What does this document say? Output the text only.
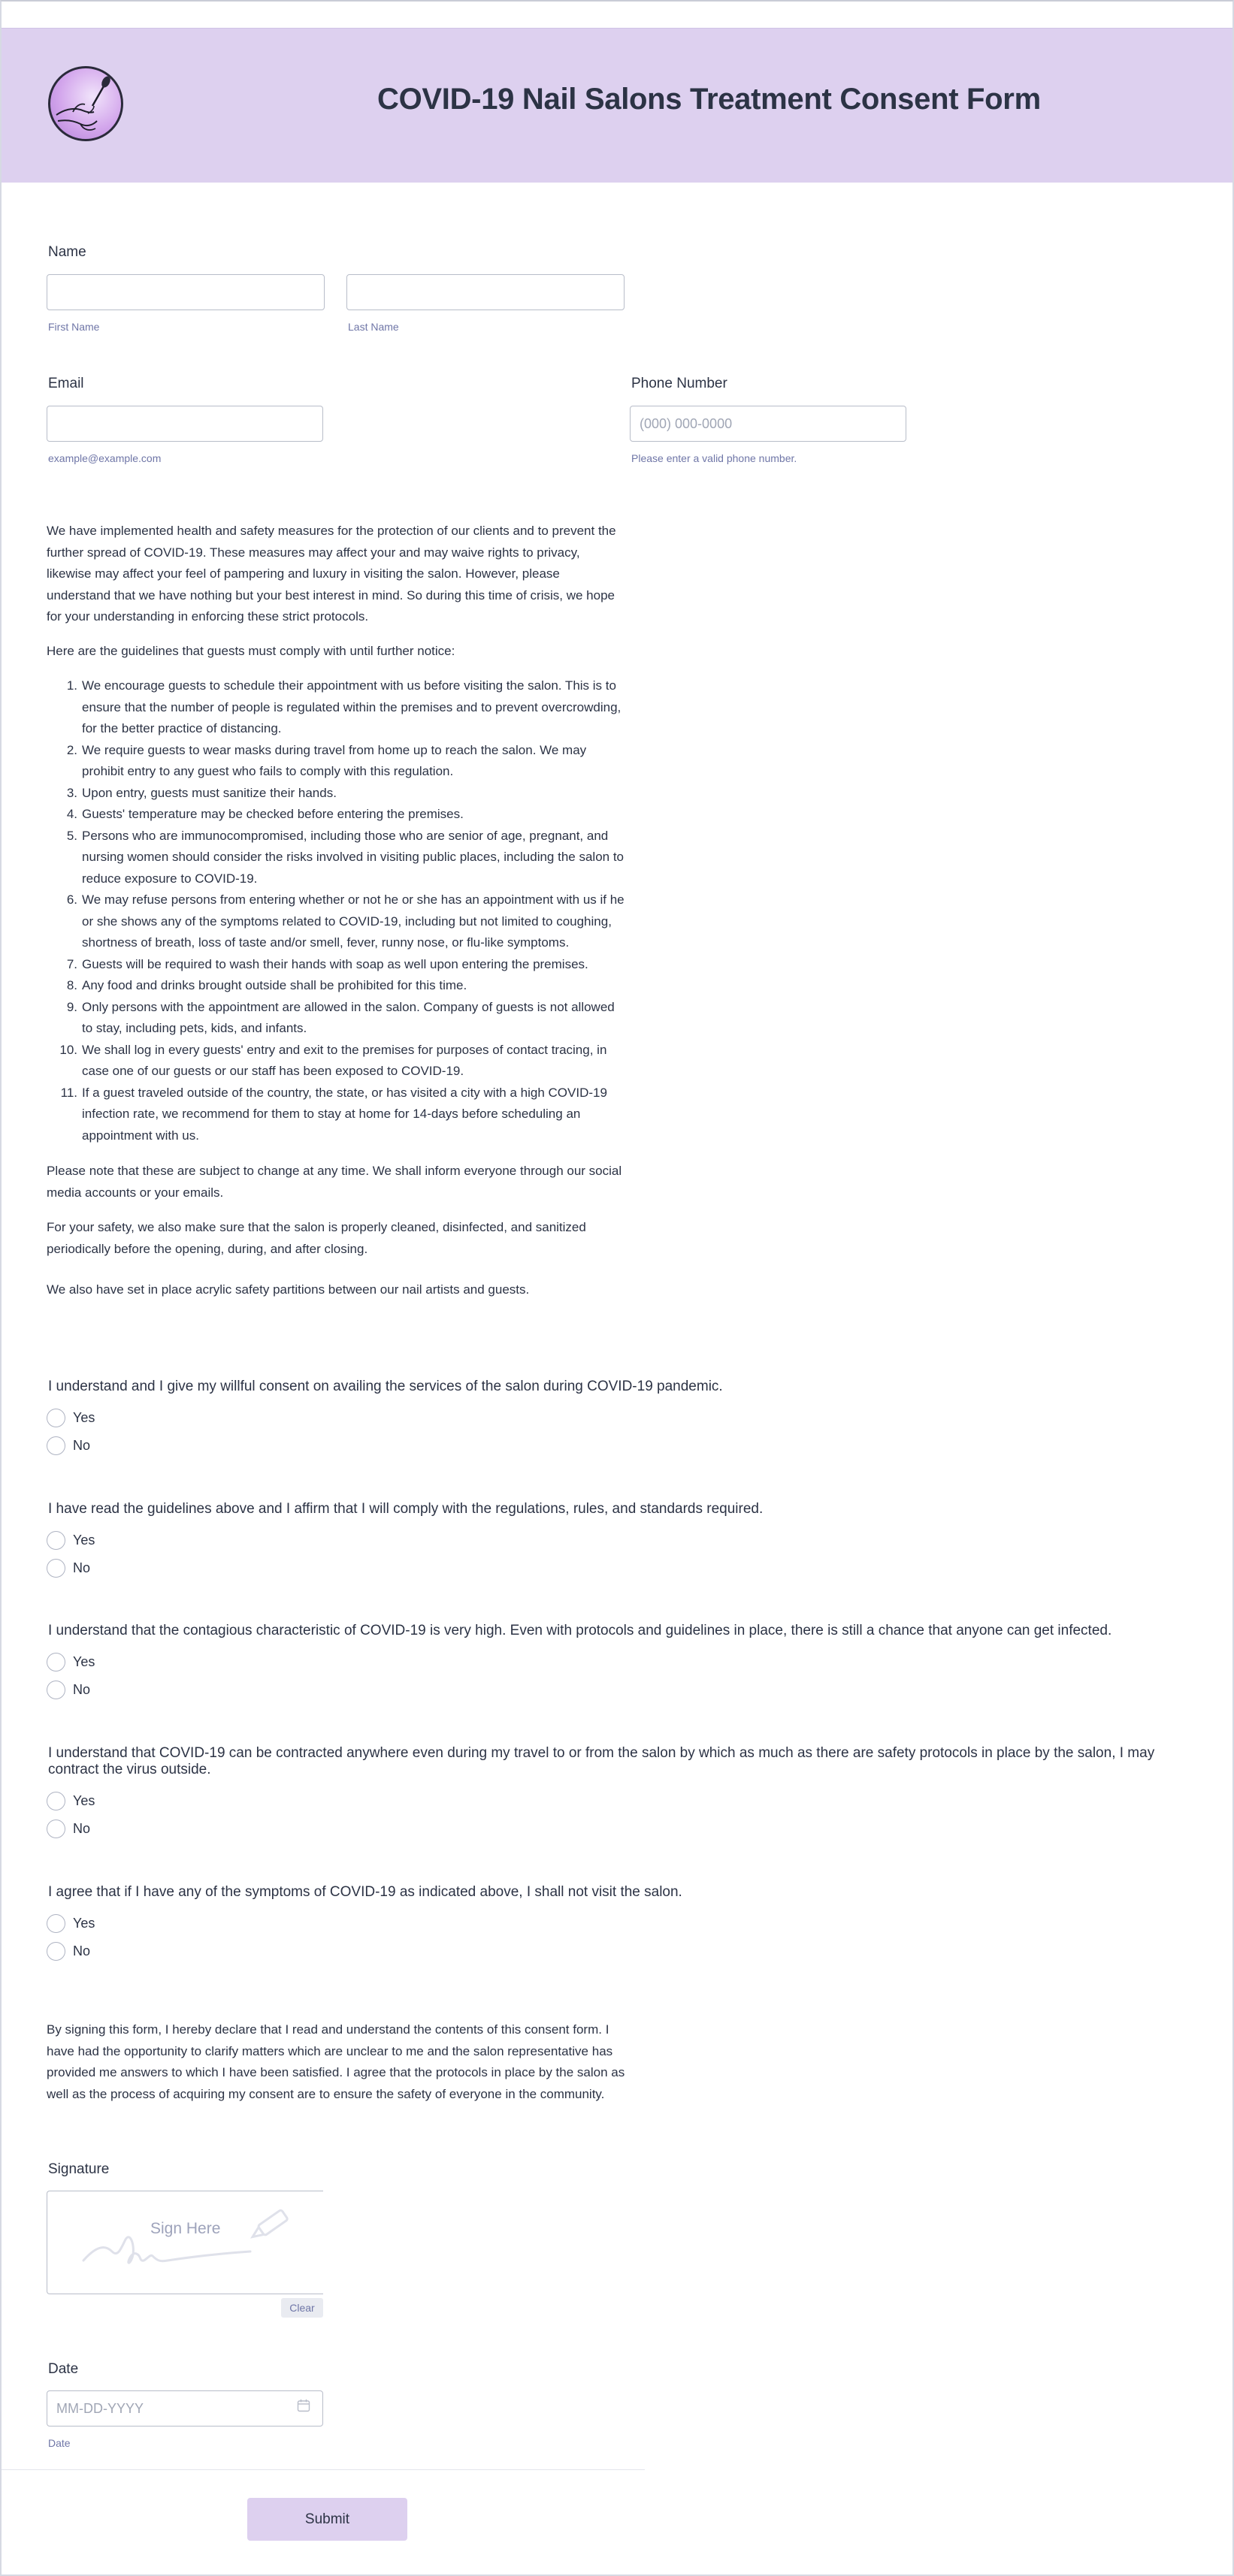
COVID-19 Nail Salons Treatment Consent Form
Name
First Name	Last Name
Email
example@example.com
Phone Number
(000) 000-0000
Please enter a valid phone number.
We have implemented health and safety measures for the protection of our clients and to prevent the further spread of COVID-19. These measures may affect your and may waive rights to privacy, likewise may affect your feel of pampering and luxury in visiting the salon. However, please understand that we have nothing but your best interest in mind. So during this time of crisis, we hope for your understanding in enforcing these strict protocols.
Here are the guidelines that guests must comply with until further notice:
1. We encourage guests to schedule their appointment with us before visiting the salon. This is to ensure that the number of people is regulated within the premises and to prevent overcrowding, for the better practice of distancing.
2. We require guests to wear masks during travel from home up to reach the salon. We may prohibit entry to any guest who fails to comply with this regulation.
3. Upon entry, guests must sanitize their hands.
4. Guests' temperature may be checked before entering the premises.
5. Persons who are immunocompromised, including those who are senior of age, pregnant, and nursing women should consider the risks involved in visiting public places, including the salon to reduce exposure to COVID-19.
6. We may refuse persons from entering whether or not he or she has an appointment with us if he or she shows any of the symptoms related to COVID-19, including but not limited to coughing, shortness of breath, loss of taste and/or smell, fever, runny nose, or flu-like symptoms.
7. Guests will be required to wash their hands with soap as well upon entering the premises.
8. Any food and drinks brought outside shall be prohibited for this time.
9. Only persons with the appointment are allowed in the salon. Company of guests is not allowed to stay, including pets, kids, and infants.
10. We shall log in every guests' entry and exit to the premises for purposes of contact tracing, in case one of our guests or our staff has been exposed to COVID-19.
11. If a guest traveled outside of the country, the state, or has visited a city with a high COVID-19 infection rate, we recommend for them to stay at home for 14-days before scheduling an appointment with us.
Please note that these are subject to change at any time. We shall inform everyone through our social media accounts or your emails.
For your safety, we also make sure that the salon is properly cleaned, disinfected, and sanitized periodically before the opening, during, and after closing.
We also have set in place acrylic safety partitions between our nail artists and guests.
I understand and I give my willful consent on availing the services of the salon during COVID-19 pandemic.
Yes
No
I have read the guidelines above and I affirm that I will comply with the regulations, rules, and standards required.
Yes
No
I understand that the contagious characteristic of COVID-19 is very high. Even with protocols and guidelines in place, there is still a chance that anyone can get infected.
Yes
No
I understand that COVID-19 can be contracted anywhere even during my travel to or from the salon by which as much as there are safety protocols in place by the salon, I may contract the virus outside.
Yes
No
I agree that if I have any of the symptoms of COVID-19 as indicated above, I shall not visit the salon.
Yes
No
By signing this form, I hereby declare that I read and understand the contents of this consent form. I have had the opportunity to clarify matters which are unclear to me and the salon representative has provided me answers to which I have been satisfied. I agree that the protocols in place by the salon as well as the process of acquiring my consent are to ensure the safety of everyone in the community.
Signature
Sign Here
Clear
Date
MM-DD-YYYY
Date
Submit
